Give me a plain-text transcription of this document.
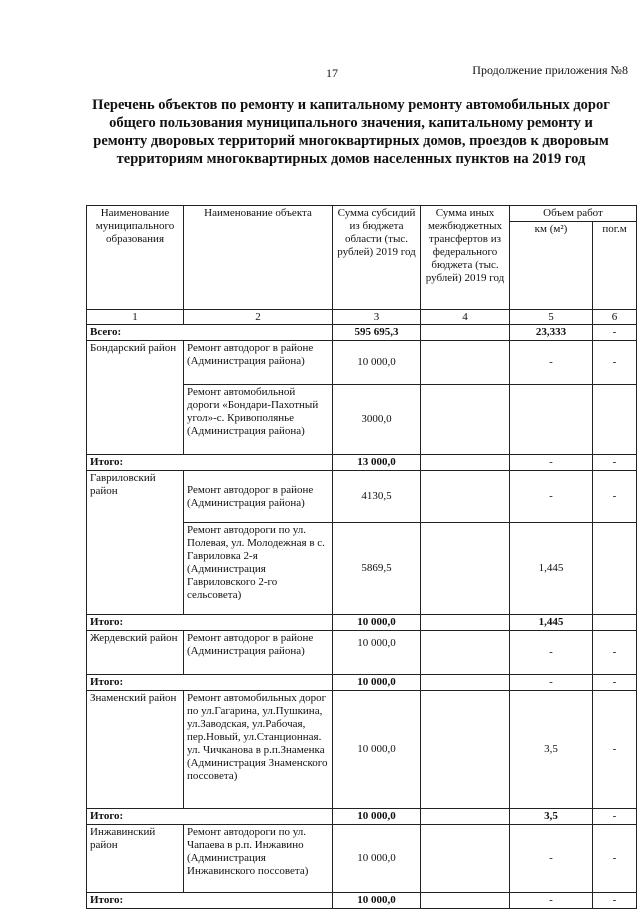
17	Продолжение приложения №8
Перечень объектов по ремонту и капитальному ремонту автомобильных дорог общего пользования муниципального значения, капитальному ремонту и ремонту дворовых территорий многоквартирных домов, проездов к дворовым территориям многоквартирных домов населенных пунктов на 2019 год
Наименование муниципального образования	Наименование объекта	Сумма субсидий из бюджета области (тыс. рублей) 2019 год	Сумма иных межбюджетных трансфертов из федерального бюджета (тыс. рублей) 2019 год	Объем работ	
				км (м²)	пог.м
1	2	3	4	5	6
Всего:		595 695,3		23,333	-
Бондарский район	Ремонт автодорог в районе (Администрация района)	10 000,0		-	-
	Ремонт автомобильной дороги «Бондари-Пахотный угол»-с. Кривополянье (Администрация района)	3000,0			
Итого:		13 000,0		-	-
Гавриловский район	Ремонт автодорог в районе (Администрация района)	4130,5		-	-
	Ремонт автодороги по ул. Полевая, ул. Молодежная в с. Гавриловка 2-я (Администрация Гавриловского 2-го сельсовета)	5869,5		1,445	
Итого:		10 000,0		1,445	
Жердевский район	Ремонт автодорог в районе (Администрация района)	10 000,0		-	-
Итого:		10 000,0		-	-
Знаменский район	Ремонт автомобильных дорог по ул.Гагарина, ул.Пушкина, ул.Заводская, ул.Рабочая, пер.Новый, ул.Станционная. ул. Чичканова в р.п.Знаменка (Администрация Знаменского поссовета)	10 000,0		3,5	-
Итого:		10 000,0		3,5	-
Инжавинский район	Ремонт автодороги по ул. Чапаева в р.п. Инжавино (Администрация Инжавинского поссовета)	10 000,0		-	-
Итого:		10 000,0		-	-
